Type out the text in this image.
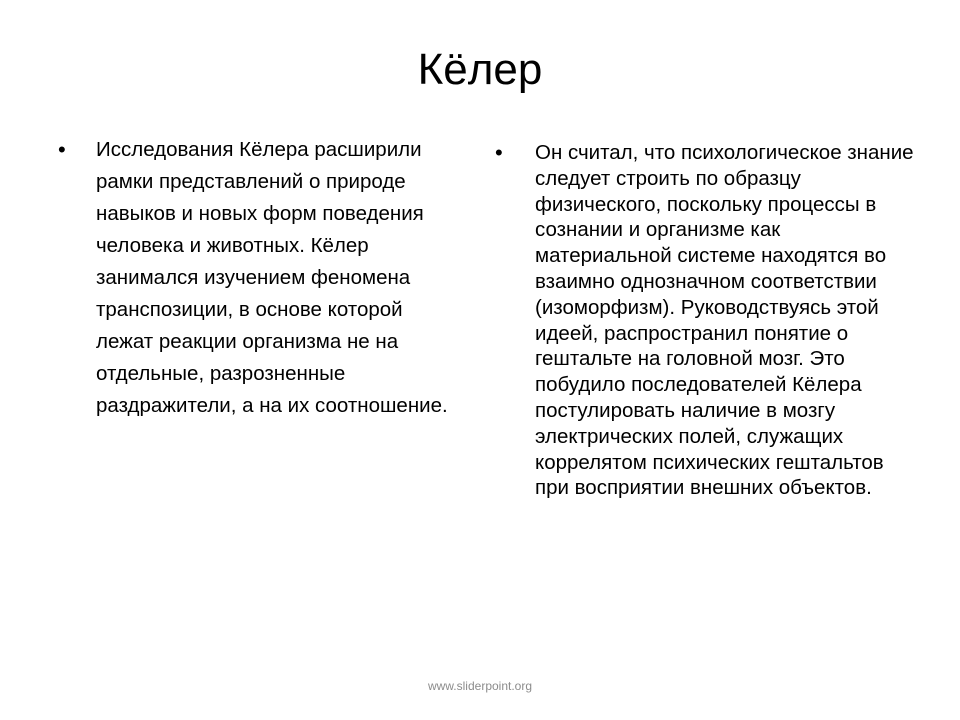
Кёлер
• Исследования Кёлера расширили рамки представлений о природе навыков и новых форм поведения человека и животных. Кёлер занимался изучением феномена транспозиции, в основе которой лежат реакции организма не на отдельные, разрозненные раздражители, а на их соотношение.
• Он считал, что психологическое знание следует строить по образцу физического, поскольку процессы в сознании и организме как материальной системе находятся во взаимно однозначном соответствии (изоморфизм). Руководствуясь этой идеей, распространил понятие о гештальте на головной мозг. Это побудило последователей Кёлера постулировать наличие в мозгу электрических полей, служащих коррелятом психических гештальтов при восприятии внешних объектов.
www.sliderpoint.org
